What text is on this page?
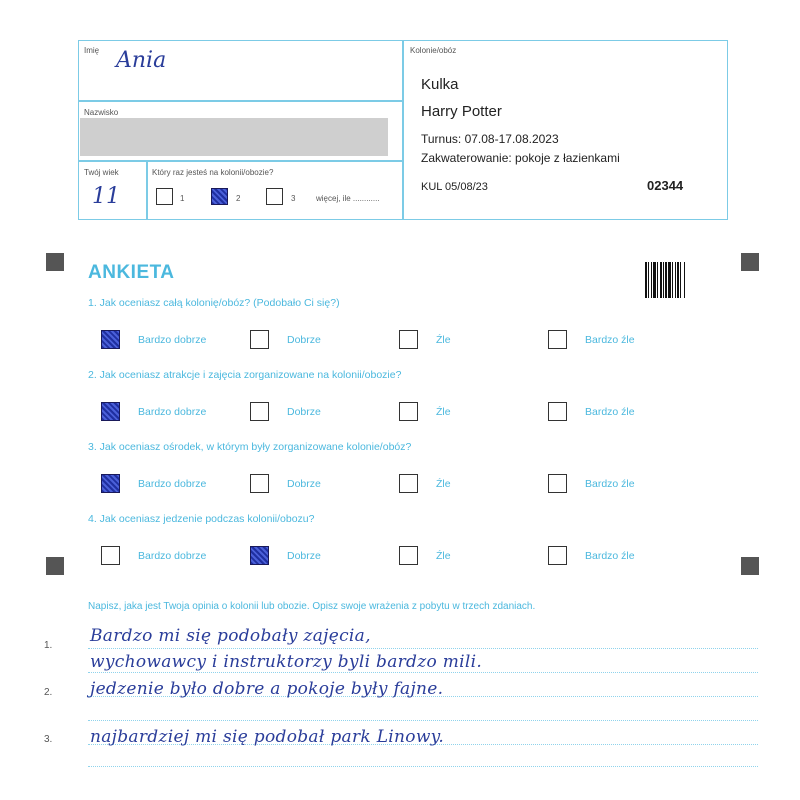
Imię Ania
Nazwisko
Twój wiek
11
Który raz jesteś na kolonii/obozie?
1	2	3	więcej, ile ............
Kolonie/obóz
Kulka
Harry Potter
Turnus: 07.08-17.08.2023
Zakwaterowanie: pokoje z łazienkami
KUL 05/08/23	02344
ANKIETA
1. Jak oceniasz całą kolonię/obóz? (Podobało Ci się?)
Bardzo dobrze	Dobrze	Źle	Bardzo źle
2. Jak oceniasz atrakcje i zajęcia zorganizowane na kolonii/obozie?
Bardzo dobrze	Dobrze	Źle	Bardzo źle
3. Jak oceniasz ośrodek, w którym były zorganizowane kolonie/obóz?
Bardzo dobrze	Dobrze	Źle	Bardzo źle
4. Jak oceniasz jedzenie podczas kolonii/obozu?
Bardzo dobrze	Dobrze	Źle	Bardzo źle
Napisz, jaka jest Twoja opinia o kolonii lub obozie. Opisz swoje wrażenia z pobytu w trzech zdaniach.
1.
2.
3.
Bardzo mi się podobały zajęcia,
wychowawcy i instruktorzy byli bardzo mili.
jedzenie było dobre a pokoje były fajne.
najbardziej mi się podobał park Linowy.
